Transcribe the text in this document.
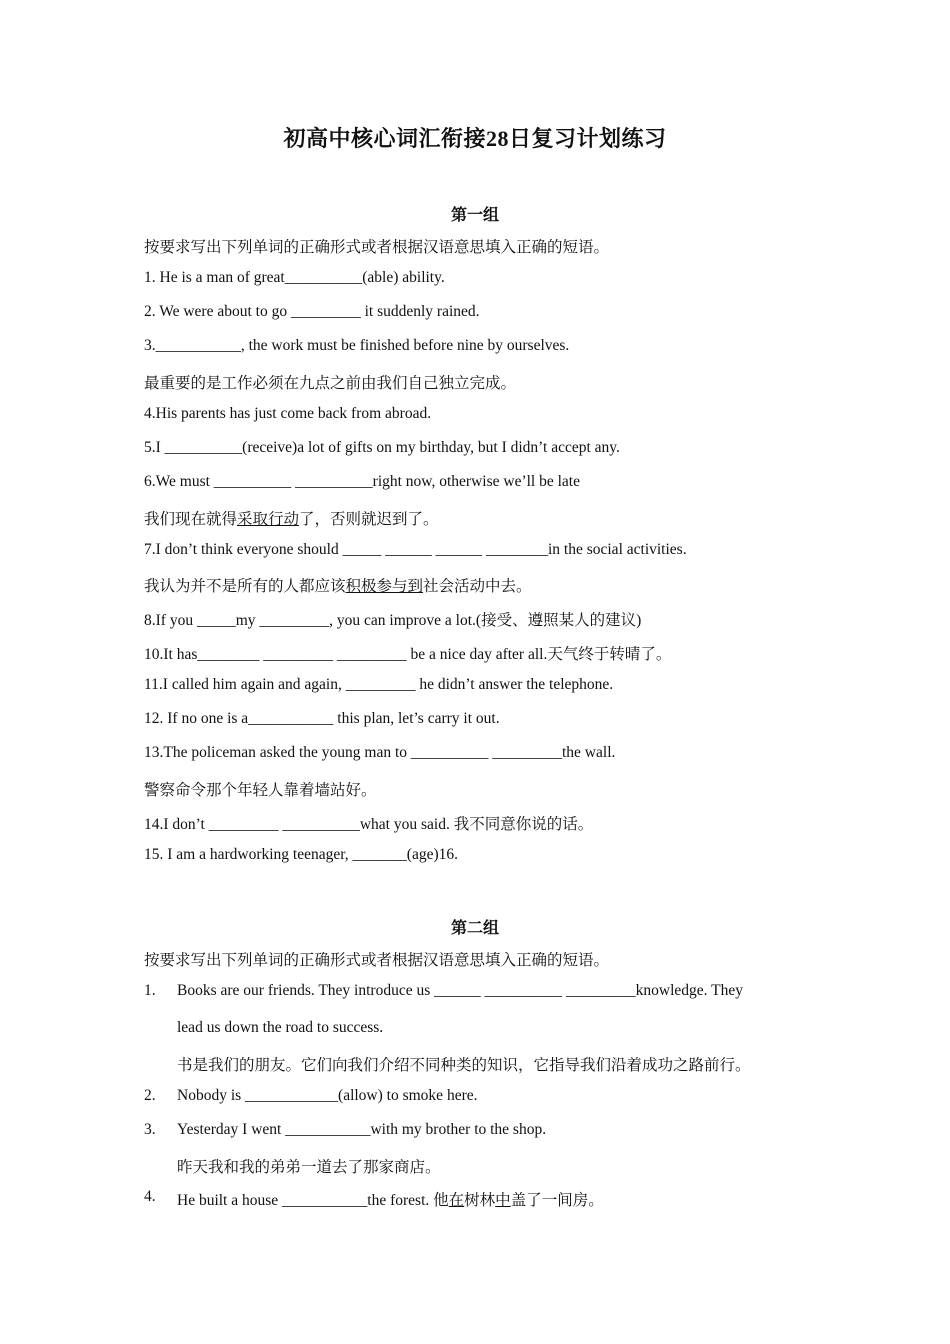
初高中核心词汇衔接28日复习计划练习
第一组
按要求写出下列单词的正确形式或者根据汉语意思填入正确的短语。
1. He is a man of great__________(able) ability.
2. We were about to go _________ it suddenly rained.
3.___________, the work must be finished before nine by ourselves.
最重要的是工作必须在九点之前由我们自己独立完成。
4.His parents has just come back from abroad.
5.I __________(receive)a lot of gifts on my birthday, but I didn’t accept any.
6.We must __________ __________right now, otherwise we’ll be late
我们现在就得采取行动了，否则就迟到了。
7.I don’t think everyone should _____ ______ ______ ________in the social activities.
我认为并不是所有的人都应该积极参与到社会活动中去。
8.If you _____my _________, you can improve a lot.(接受、遵照某人的建议)
10.It has________ _________ _________ be a nice day after all.天气终于转晴了。
11.I called him again and again, _________ he didn’t answer the telephone.
12. If no one is a___________ this plan, let’s carry it out.
13.The policeman asked the young man to __________ _________the wall.
警察命令那个年轻人靠着墙站好。
14.I don’t _________ __________what you said. 我不同意你说的话。
15. I am a hardworking teenager, _______(age)16.
第二组
按要求写出下列单词的正确形式或者根据汉语意思填入正确的短语。
1. Books are our friends. They introduce us ______ __________ _________knowledge. They
lead us down the road to success.
书是我们的朋友。它们向我们介绍不同种类的知识，它指导我们沿着成功之路前行。
2. Nobody is ____________(allow) to smoke here.
3. Yesterday I went ___________with my brother to the shop.
昨天我和我的弟弟一道去了那家商店。
4. He built a house ___________the forest. 他在树林中盖了一间房。
